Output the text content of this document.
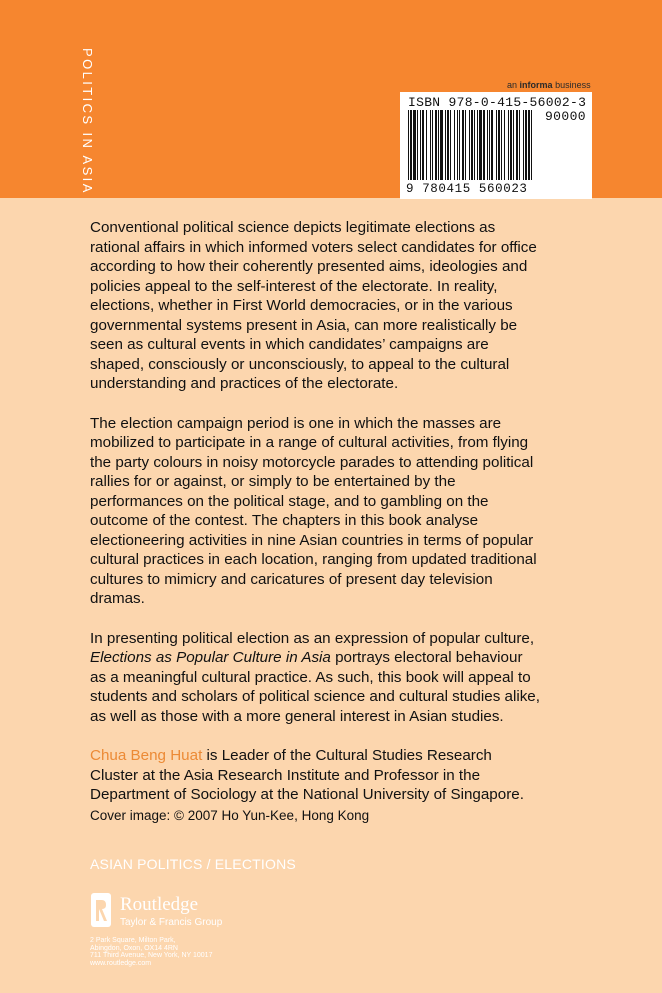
POLITICS IN ASIA	an informa business
ISBN 978-0-415-56002-3
90000
9 780415 560023

Conventional political science depicts legitimate elections as rational affairs in which informed voters select candidates for office according to how their coherently presented aims, ideologies and policies appeal to the self-interest of the electorate. In reality, elections, whether in First World democracies, or in the various governmental systems present in Asia, can more realistically be seen as cultural events in which candidates’ campaigns are shaped, consciously or unconsciously, to appeal to the cultural understanding and practices of the electorate.

The election campaign period is one in which the masses are mobilized to participate in a range of cultural activities, from flying the party colours in noisy motorcycle parades to attending political rallies for or against, or simply to be entertained by the performances on the political stage, and to gambling on the outcome of the contest. The chapters in this book analyse electioneering activities in nine Asian countries in terms of popular cultural practices in each location, ranging from updated traditional cultures to mimicry and caricatures of present day television dramas.

In presenting political election as an expression of popular culture, Elections as Popular Culture in Asia portrays electoral behaviour as a meaningful cultural practice. As such, this book will appeal to students and scholars of political science and cultural studies alike, as well as those with a more general interest in Asian studies.

Chua Beng Huat is Leader of the Cultural Studies Research Cluster at the Asia Research Institute and Professor in the Department of Sociology at the National University of Singapore.

Cover image: © 2007 Ho Yun-Kee, Hong Kong
ASIAN POLITICS / ELECTIONS
Routledge
Taylor & Francis Group
2 Park Square, Milton Park,
Abingdon, Oxon, OX14 4RN
711 Third Avenue, New York, NY 10017
www.routledge.com
